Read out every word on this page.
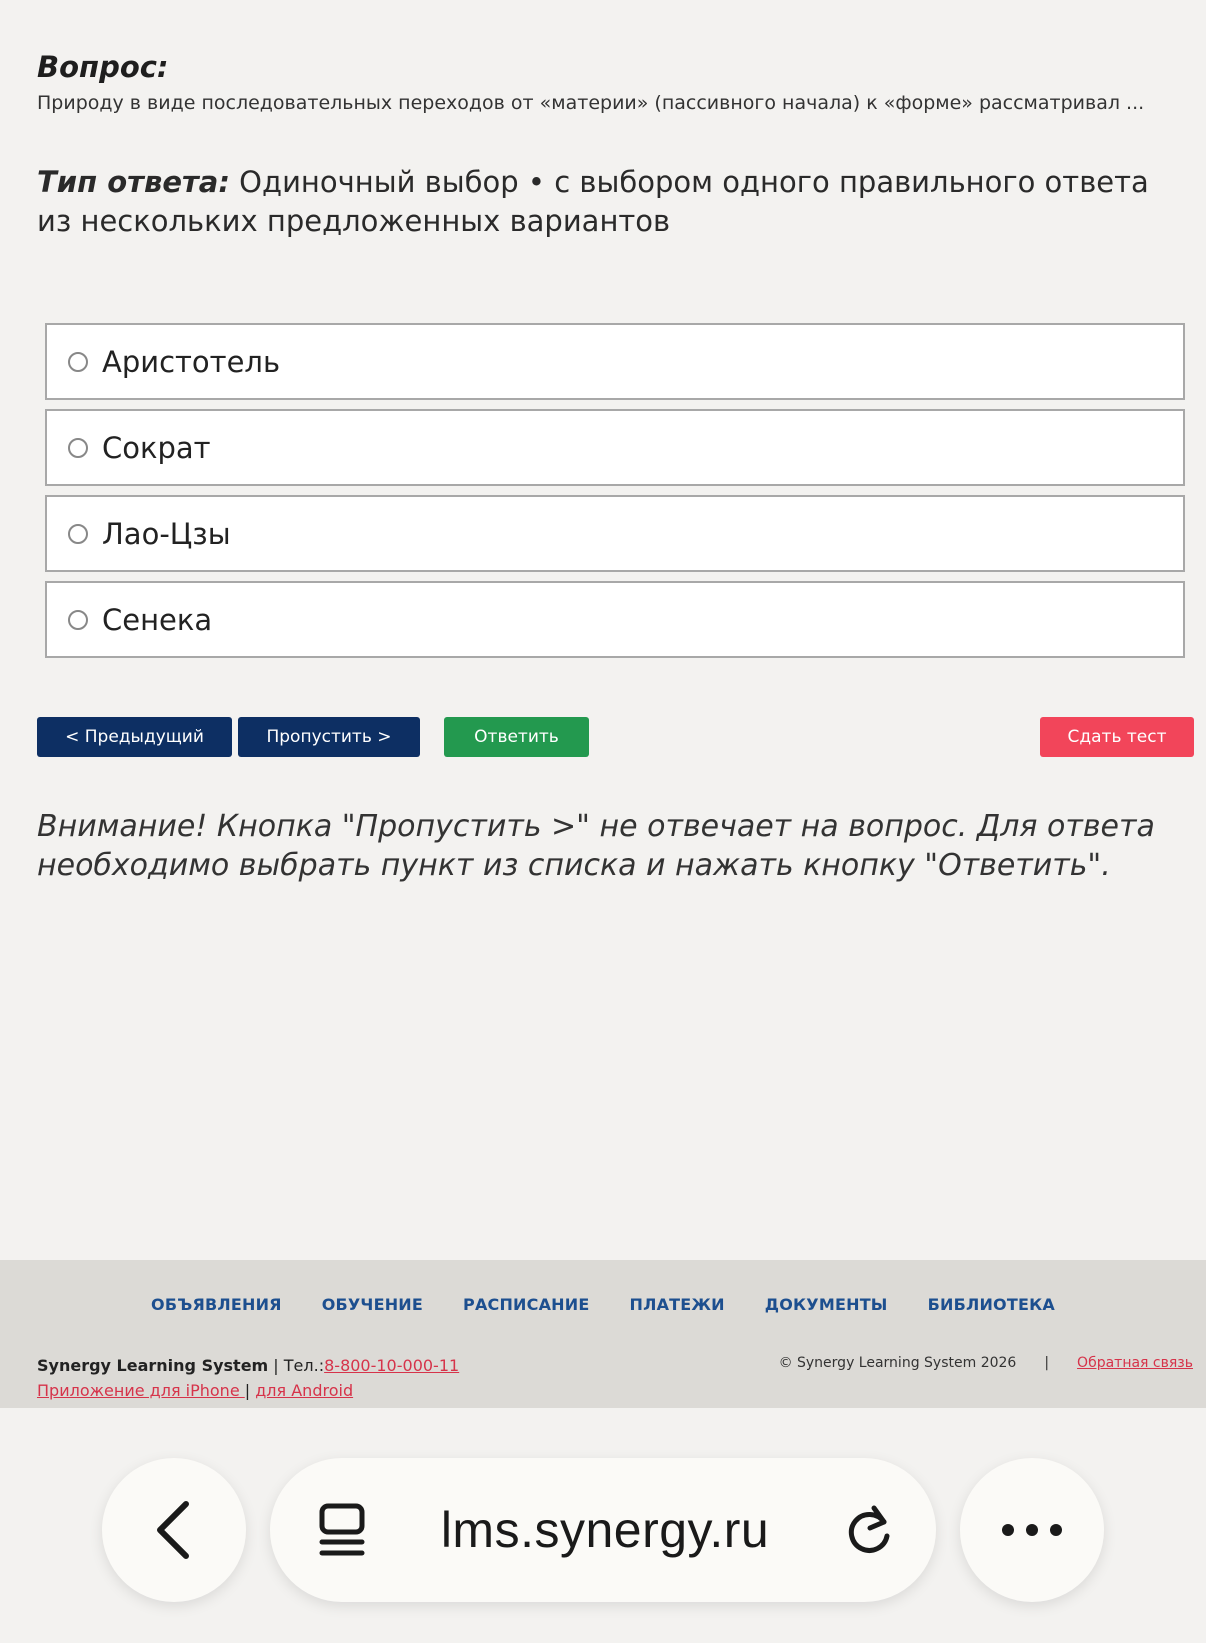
Вопрос:
Природу в виде последовательных переходов от «материи» (пассивного начала) к «форме» рассматривал ...
Тип ответа: Одиночный выбор • с выбором одного правильного ответа из нескольких предложенных вариантов
Аристотель
Сократ
Лао-Цзы
Сенека
< Предыдущий	Пропустить >	Ответить	Сдать тест
Внимание! Кнопка "Пропустить >" не отвечает на вопрос. Для ответа необходимо выбрать пункт из списка и нажать кнопку "Ответить".
ОБЪЯВЛЕНИЯ	ОБУЧЕНИЕ	РАСПИСАНИЕ	ПЛАТЕЖИ	ДОКУМЕНТЫ	БИБЛИОТЕКА
Synergy Learning System | Тел.:8-800-10-000-11
Приложение для iPhone | для Android
© Synergy Learning System 2026 | Обратная связь
lms.synergy.ru
